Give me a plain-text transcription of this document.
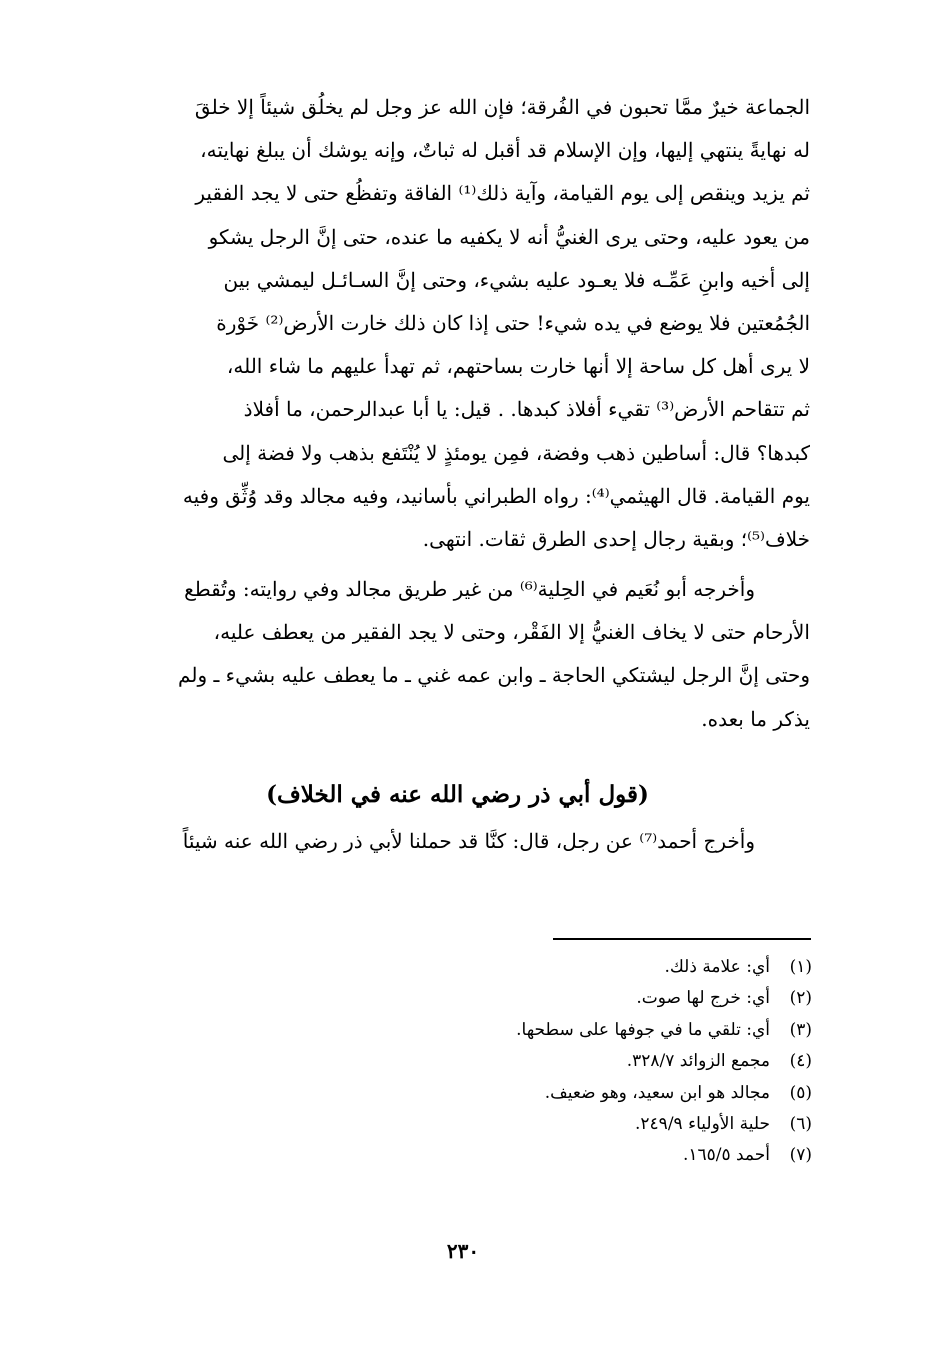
الجماعة خيرٌ ممَّا تحبون في الفُرقة؛ فإن الله عز وجل لم يخلُق شيئاً إلا خلقَ
له نهايةً ينتهي إليها، وإن الإسلام قد أقبل له ثباتٌ، وإنه يوشك أن يبلغ نهايته،
ثم يزيد وينقص إلى يوم القيامة، وآية ذلك⁽¹⁾ الفاقة وتفظُع حتى لا يجد الفقير
من يعود عليه، وحتى يرى الغنيُّ أنه لا يكفيه ما عنده، حتى إنَّ الرجل يشكو
إلى أخيه وابنِ عَمِّـه فلا يعـود عليه بشيء، وحتى إنَّ السـائـل ليمشي بين
الجُمُعتين فلا يوضع في يده شيء! حتى إذا كان ذلك خارت الأرض⁽²⁾ خَوْرة
لا يرى أهل كل ساحة إلا أنها خارت بساحتهم، ثم تهدأ عليهم ما شاء الله،
ثم تتقاحم الأرض⁽³⁾ تقيء أفلاذ كبدها. . قيل: يا أبا عبدالرحمن، ما أفلاذ
كبدها؟ قال: أساطين ذهب وفضة، فمِن يومئذٍ لا يُنْتَفع بذهب ولا فضة إلى
يوم القيامة. قال الهيثمي⁽⁴⁾: رواه الطبراني بأسانيد، وفيه مجالد وقد وُثِّق وفيه
خلاف⁽⁵⁾؛ وبقية رجال إحدى الطرق ثقات. انتهى.
وأخرجه أبو نُعَيم في الحِلية⁽⁶⁾ من غير طريق مجالد وفي روايته: وتُقطع
الأرحام حتى لا يخاف الغنيُّ إلا الفَقْر، وحتى لا يجد الفقير من يعطف عليه،
وحتى إنَّ الرجل ليشتكي الحاجة ـ وابن عمه غني ـ ما يعطف عليه بشيء ـ ولم
يذكر ما بعده.
(قول أبي ذر رضي الله عنه في الخلاف)
وأخرج أحمد⁽⁷⁾ عن رجل، قال: كنَّا قد حملنا لأبي ذر رضي الله عنه شيئاً
(١)أي: علامة ذلك.
(٢)أي: خرج لها صوت.
(٣)أي: تلقي ما في جوفها على سطحها.
(٤)مجمع الزوائد ٣٢٨/٧.
(٥)مجالد هو ابن سعيد، وهو ضعيف.
(٦)حلية الأولياء ٢٤٩/٩.
(٧)أحمد ١٦٥/٥.
٢٣٠
